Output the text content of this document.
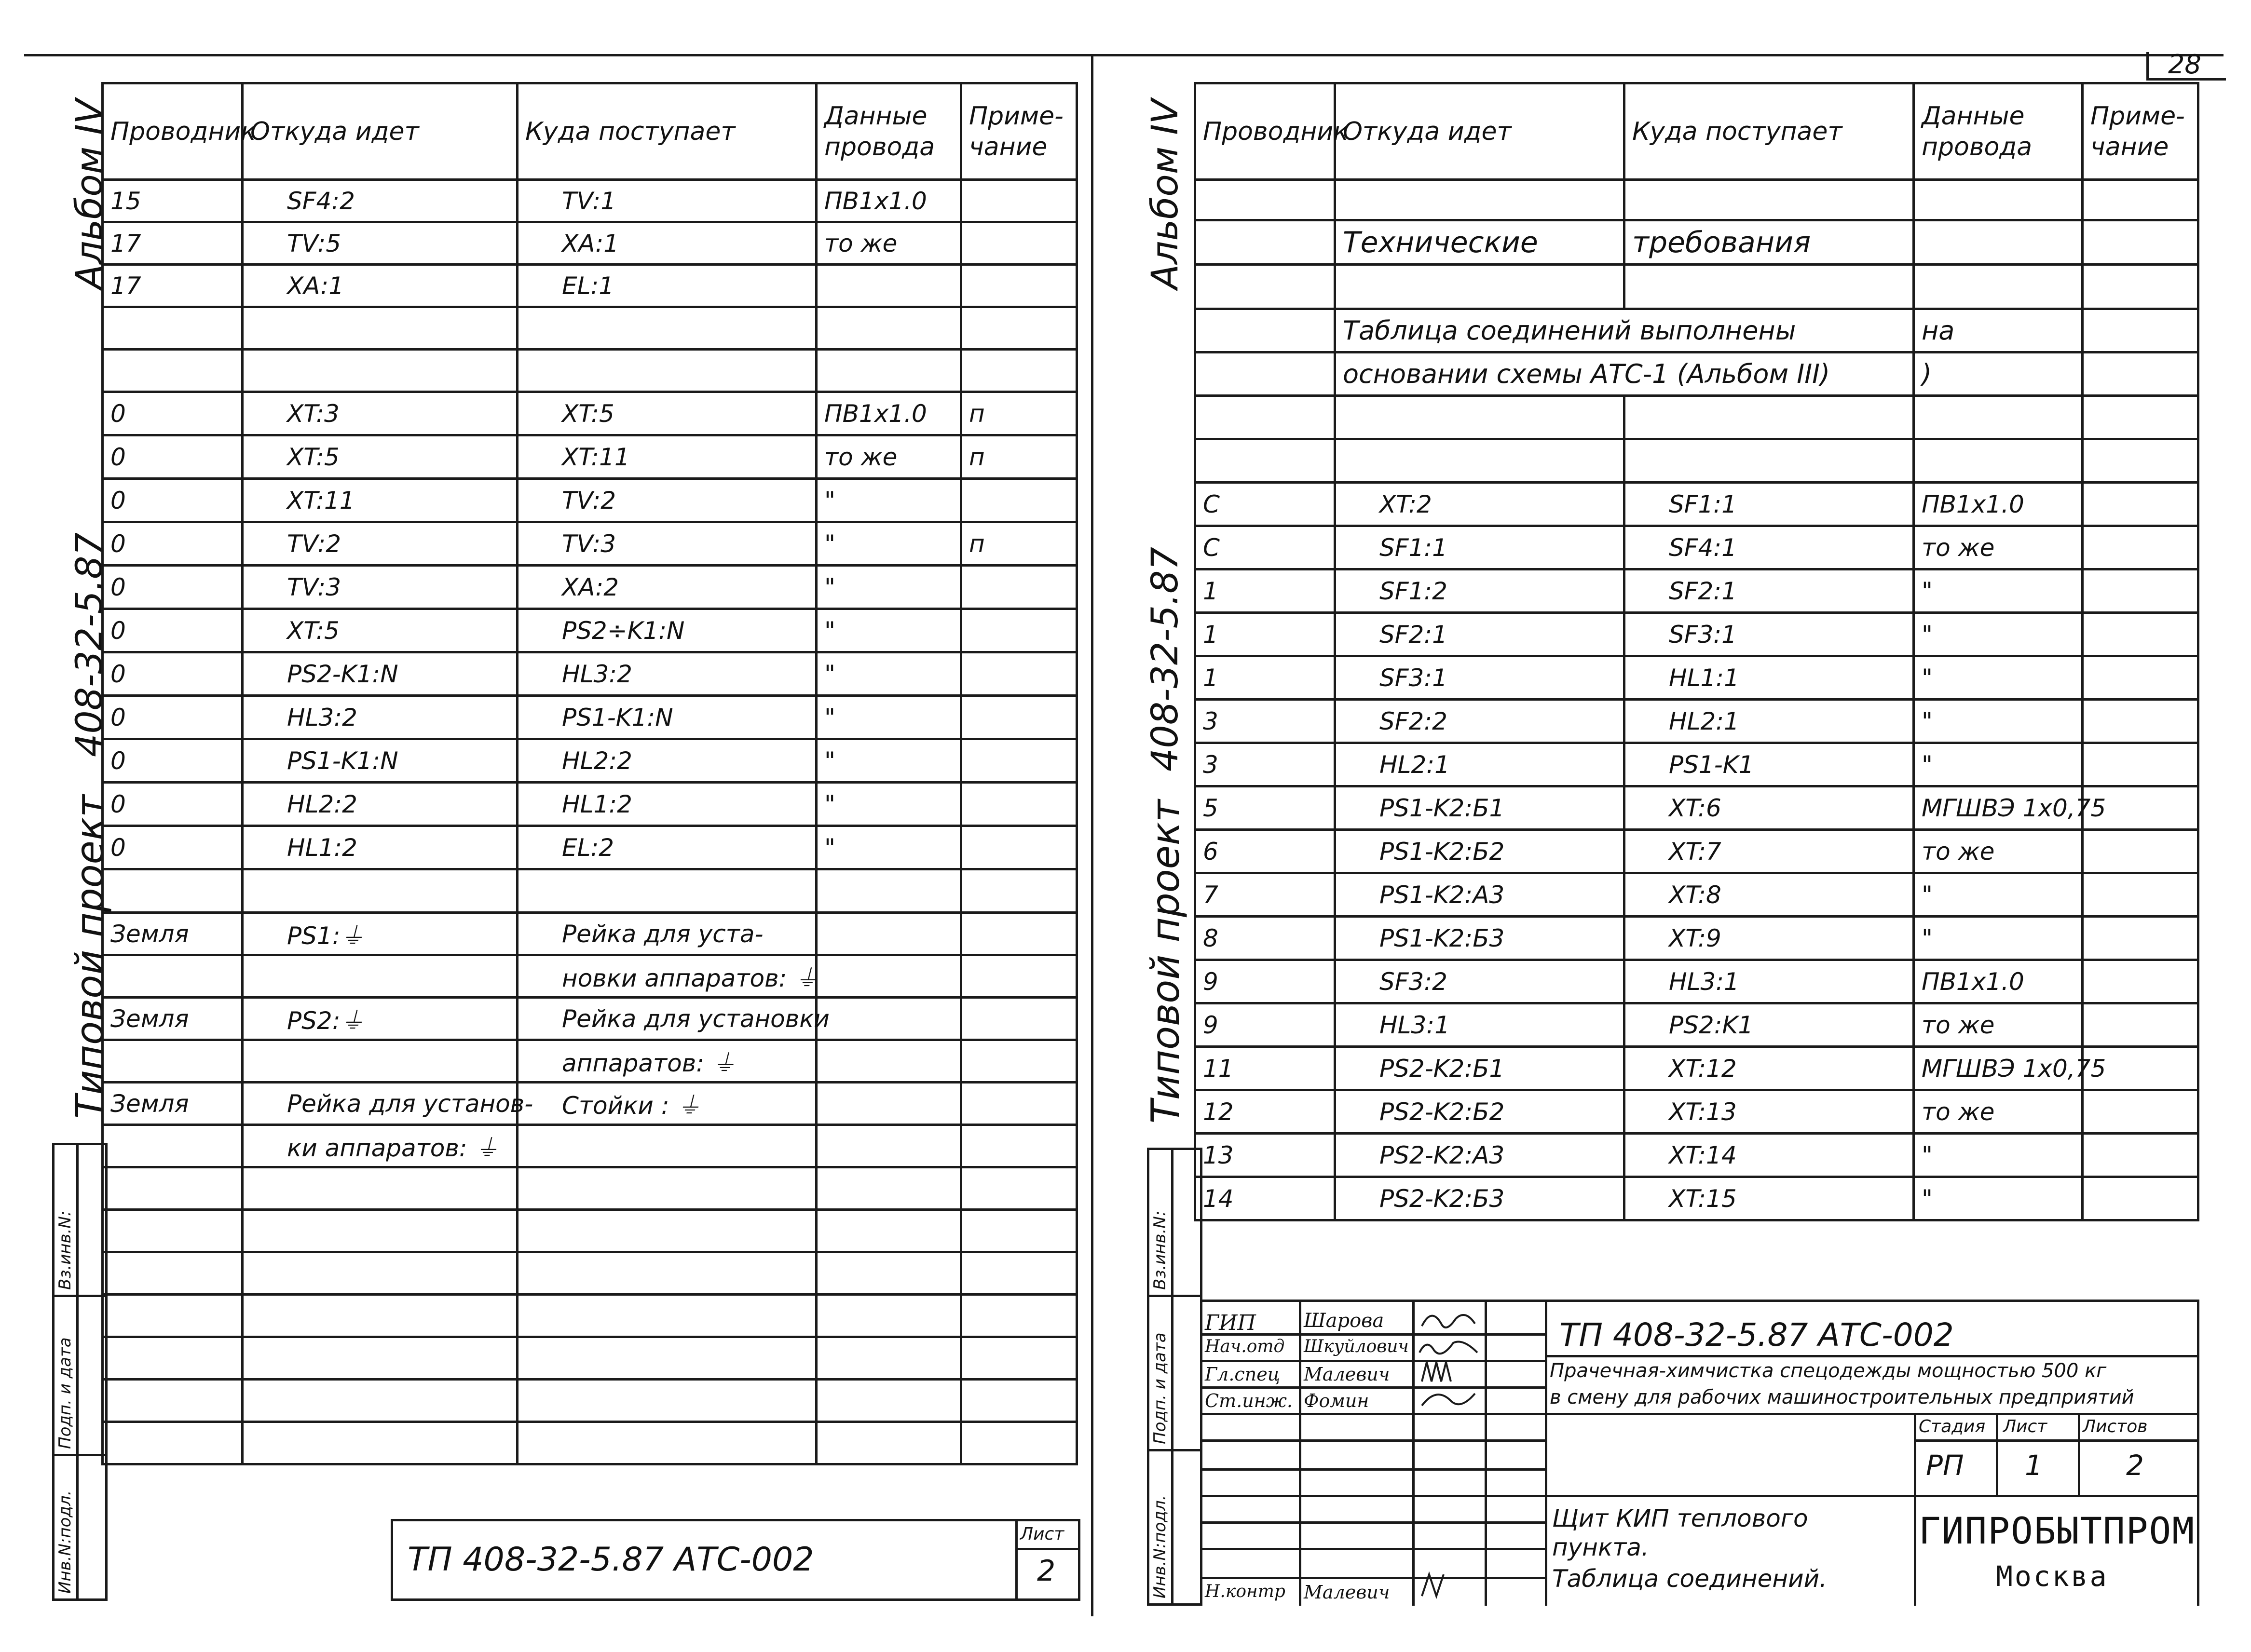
28
Альбом IV
408-32-5.87
Типовой проект
Вз.инв.N:
Подп. и дата
Инв.N:подл.
Проводник	Откуда идет	Куда поступает	Данные провода	Приме-чание
15	SF4:2	TV:1	ПВ1х1.0	
17	TV:5	XA:1	то же	
17	XA:1	EL:1		

0	XT:3	XT:5	ПВ1х1.0	п
0	XT:5	XT:11	то же	п
0	XT:11	TV:2	"	
0	TV:2	TV:3	"	п
0	TV:3	XA:2	"	
0	XT:5	PS2÷K1:N	"	
0	PS2-K1:N	HL3:2	"	
0	HL3:2	PS1-K1:N	"	
0	PS1-K1:N	HL2:2	"	
0	HL2:2	HL1:2	"	
0	HL1:2	EL:2	"	

Земля	PS1:⏚	Рейка для уста-		
		новки аппаратов: ⏚		
Земля	PS2:⏚	Рейка для установки		
		аппаратов: ⏚		
Земля	Рейка для установ-	Стойки : ⏚		
	ки аппаратов: ⏚			

ТП 408-32-5.87 АТС-002
Лист
2
Альбом IV
408-32-5.87
Типовой проект
Вз.инв.N:
Подп. и дата
Инв.N:подл.
Проводник	Откуда идет	Куда поступает	Данные провода	Приме-чание

	Технические	требования		

	Таблица соединений выполнены		на	
	основании схемы АТС-1 (Альбом III)		)	

C	XT:2	SF1:1	ПВ1х1.0	
C	SF1:1	SF4:1	то же	
1	SF1:2	SF2:1	"	
1	SF2:1	SF3:1	"	
1	SF3:1	HL1:1	"	
3	SF2:2	HL2:1	"	
3	HL2:1	PS1-K1	"	
5	PS1-K2:Б1	XT:6	МГШВЭ 1х0,75	
6	PS1-K2:Б2	XT:7	то же	
7	PS1-K2:A3	XT:8	"	
8	PS1-K2:Б3	XT:9	"	
9	SF3:2	HL3:1	ПВ1х1.0	
9	HL3:1	PS2:K1	то же	
11	PS2-K2:Б1	XT:12	МГШВЭ 1х0,75	
12	PS2-K2:Б2	XT:13	то же	
13	PS2-K2:A3	XT:14	"	
14	PS2-K2:Б3	XT:15	"	
ГИП Шарова
Нач.отд Шкуйлович
Гл.спец Малевич
Ст.инж. Фомин
Н.контр Малевич
ТП 408-32-5.87 АТС-002
Прачечная-химчистка спецодежды мощностью 500 кг
в смену для рабочих машиностроительных предприятий
Стадия Лист Листов
РП 1	2
Щит КИП теплового
пункта.
Таблица соединений.
ГИПРОБЫТПРОМ
Москва
